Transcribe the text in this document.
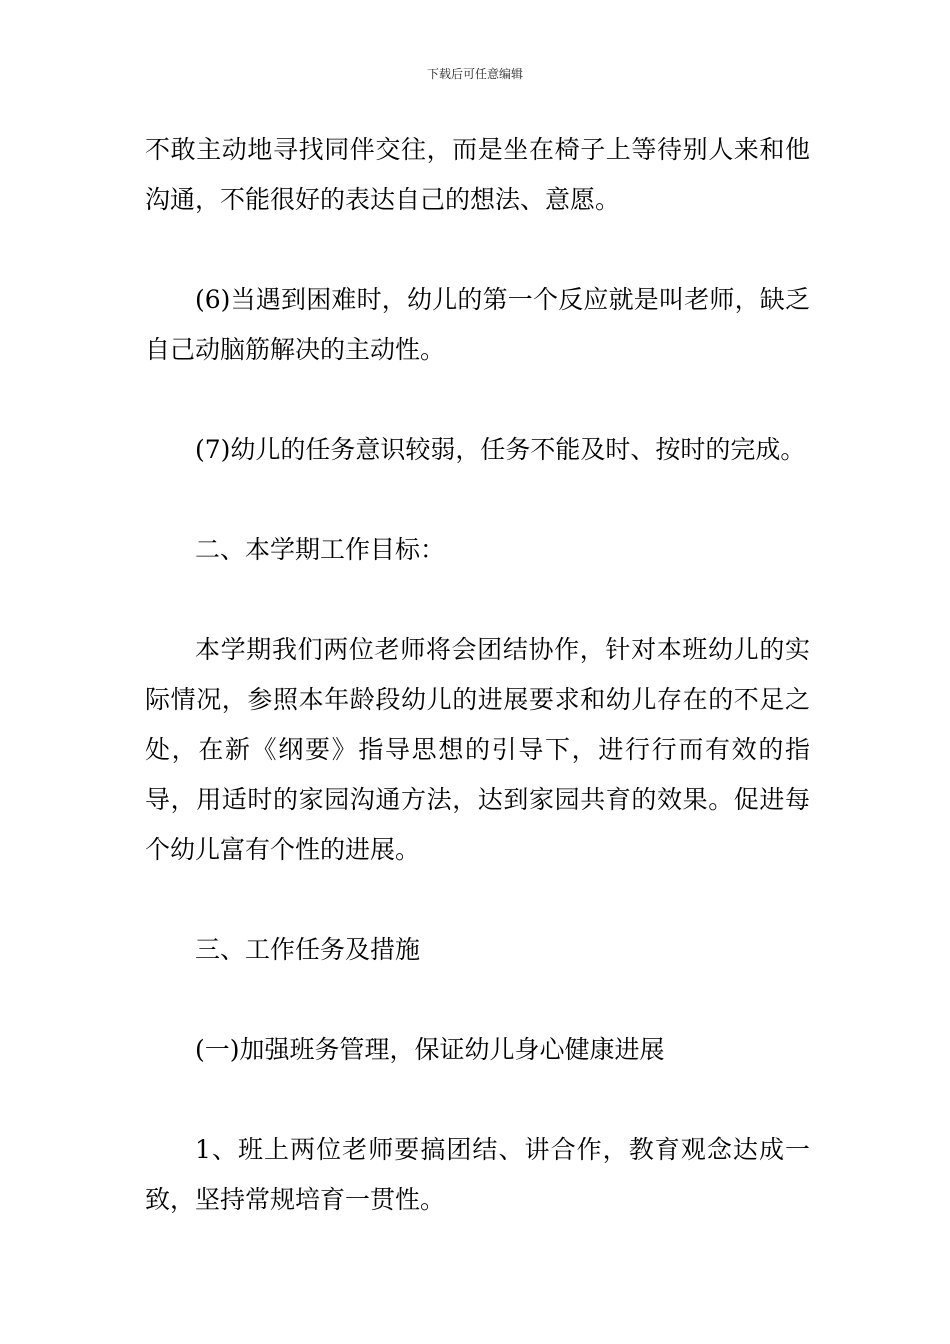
下载后可任意编辑

不敢主动地寻找同伴交往，而是坐在椅子上等待别人来和他沟通，不能很好的表达自己的想法、意愿。

(6)当遇到困难时，幼儿的第一个反应就是叫老师，缺乏自己动脑筋解决的主动性。

(7)幼儿的任务意识较弱，任务不能及时、按时的完成。

二、本学期工作目标：

本学期我们两位老师将会团结协作，针对本班幼儿的实际情况，参照本年龄段幼儿的进展要求和幼儿存在的不足之处，在新《纲要》指导思想的引导下，进行行而有效的指导，用适时的家园沟通方法，达到家园共育的效果。促进每个幼儿富有个性的进展。

三、工作任务及措施

(一)加强班务管理，保证幼儿身心健康进展

1、班上两位老师要搞团结、讲合作，教育观念达成一致，坚持常规培育一贯性。
